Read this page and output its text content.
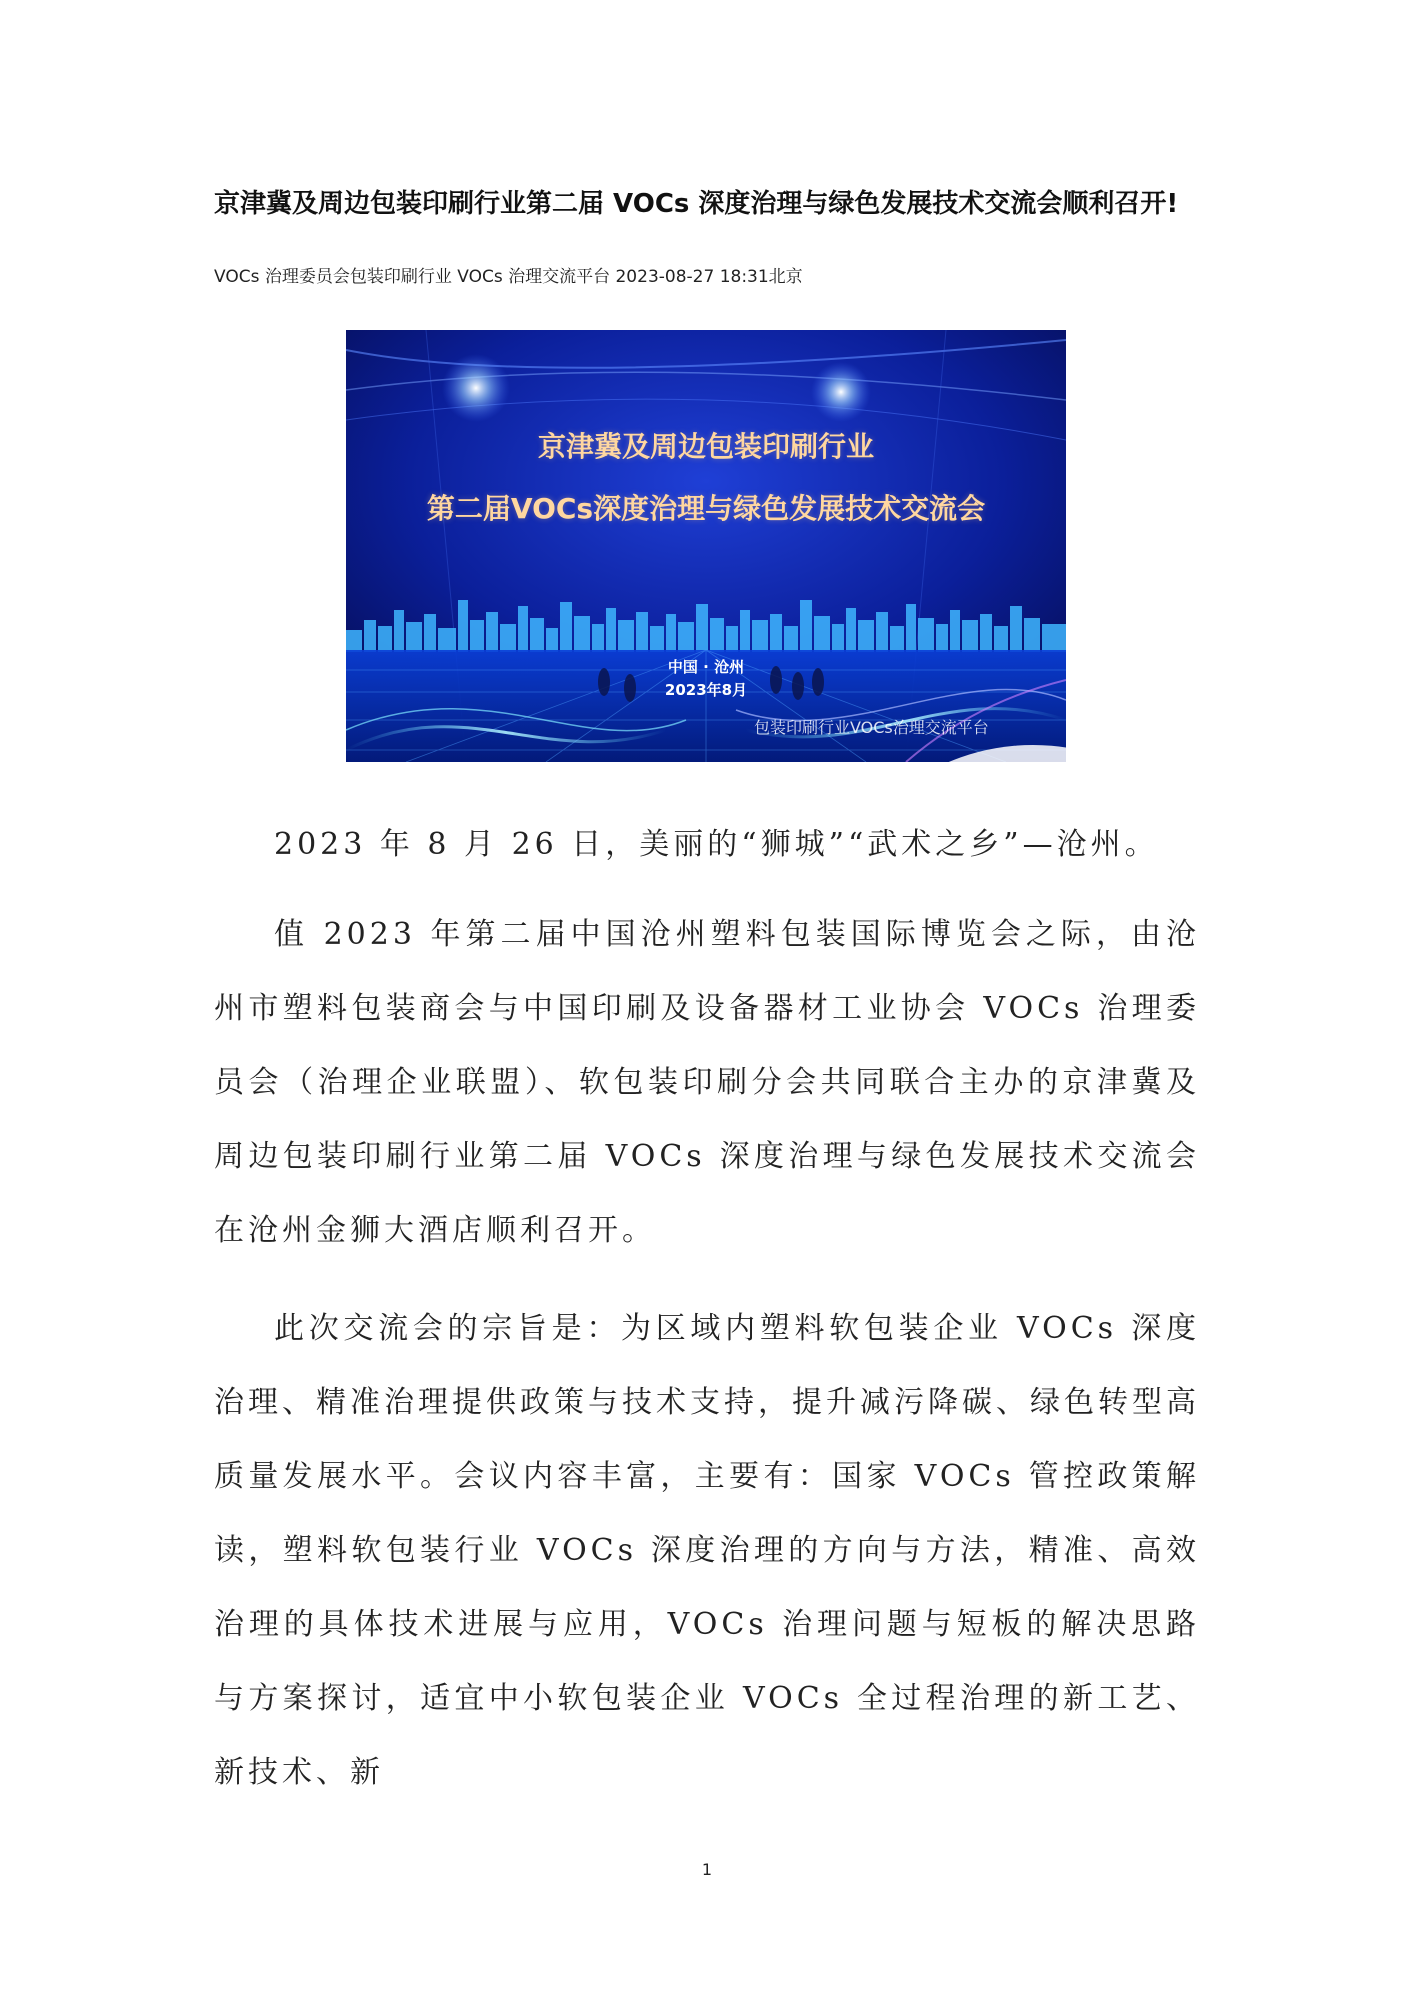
京津冀及周边包装印刷行业第二届 VOCs 深度治理与绿色发展技术交流会顺利召开!
VOCs 治理委员会包装印刷行业 VOCs 治理交流平台 2023-08-27 18:31北京
京津冀及周边包装印刷行业
第二届VOCs深度治理与绿色发展技术交流会
中国 · 沧州
2023年8月
包装印刷行业VOCs治理交流平台

2023 年 8 月 26 日，美丽的“狮城”“武术之乡”—沧州。

值 2023 年第二届中国沧州塑料包装国际博览会之际，由沧州市塑料包装商会与中国印刷及设备器材工业协会 VOCs 治理委员会（治理企业联盟）、软包装印刷分会共同联合主办的京津冀及周边包装印刷行业第二届 VOCs 深度治理与绿色发展技术交流会在沧州金狮大酒店顺利召开。

此次交流会的宗旨是：为区域内塑料软包装企业 VOCs 深度治理、精准治理提供政策与技术支持，提升减污降碳、绿色转型高质量发展水平。会议内容丰富，主要有：国家 VOCs 管控政策解读，塑料软包装行业 VOCs 深度治理的方向与方法，精准、高效治理的具体技术进展与应用，VOCs 治理问题与短板的解决思路与方案探讨，适宜中小软包装企业 VOCs 全过程治理的新工艺、新技术、新

1
